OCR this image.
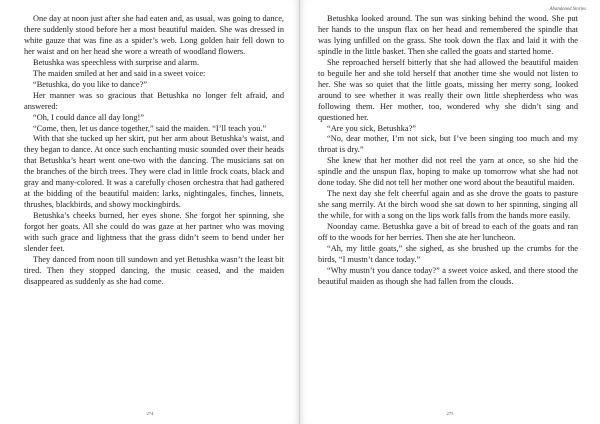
One day at noon just after she had eaten and, as usual, was going to dance, there suddenly stood before her a most beautiful maiden. She was dressed in white gauze that was fine as a spider’s web. Long golden hair fell down to her waist and on her head she wore a wreath of woodland flowers.

Betushka was speechless with surprise and alarm.

The maiden smiled at her and said in a sweet voice:

“Betushka, do you like to dance?”

Her manner was so gracious that Betushka no longer felt afraid, and answered:

“Oh, I could dance all day long!”

“Come, then, let us dance together,” said the maiden. “I’ll teach you.”

With that she tucked up her skirt, put her arm about Betushka’s waist, and they began to dance. At once such enchanting music sounded over their heads that Betushka’s heart went one-two with the dancing. The musicians sat on the branches of the birch trees. They were clad in little frock coats, black and gray and many-colored. It was a carefully chosen orchestra that had gathered at the bidding of the beautiful maiden: larks, nightingales, finches, linnets, thrushes, blackbirds, and showy mockingbirds.

Betushka’s cheeks burned, her eyes shone. She forgot her spinning, she forgot her goats. All she could do was gaze at her partner who was moving with such grace and lightness that the grass didn’t seem to bend under her slender feet.

They danced from noon till sundown and yet Betushka wasn’t the least bit tired. Then they stopped dancing, the music ceased, and the maiden disappeared as suddenly as she had come.

274
Abandoned Stories

Betushka looked around. The sun was sinking behind the wood. She put her hands to the unspun flax on her head and remembered the spindle that was lying unfilled on the grass. She took down the flax and laid it with the spindle in the little basket. Then she called the goats and started home.

She reproached herself bitterly that she had allowed the beautiful maiden to beguile her and she told herself that another time she would not listen to her. She was so quiet that the little goats, missing her merry song, looked around to see whether it was really their own little shepherdess who was following them. Her mother, too, wondered why she didn’t sing and questioned her.

“Are you sick, Betushka?”

“No, dear mother, I’m not sick, but I’ve been singing too much and my throat is dry.”

She knew that her mother did not reel the yarn at once, so she hid the spindle and the unspun flax, hoping to make up tomorrow what she had not done today. She did not tell her mother one word about the beautiful maiden.

The next day she felt cheerful again and as she drove the goats to pasture she sang merrily. At the birch wood she sat down to her spinning, singing all the while, for with a song on the lips work falls from the hands more easily.

Noonday came. Betushka gave a bit of bread to each of the goats and ran off to the woods for her berries. Then she ate her luncheon.

“Ah, my little goats,” she sighed, as she brushed up the crumbs for the birds, “I mustn’t dance today.”

“Why mustn’t you dance today?” a sweet voice asked, and there stood the beautiful maiden as though she had fallen from the clouds.

275
